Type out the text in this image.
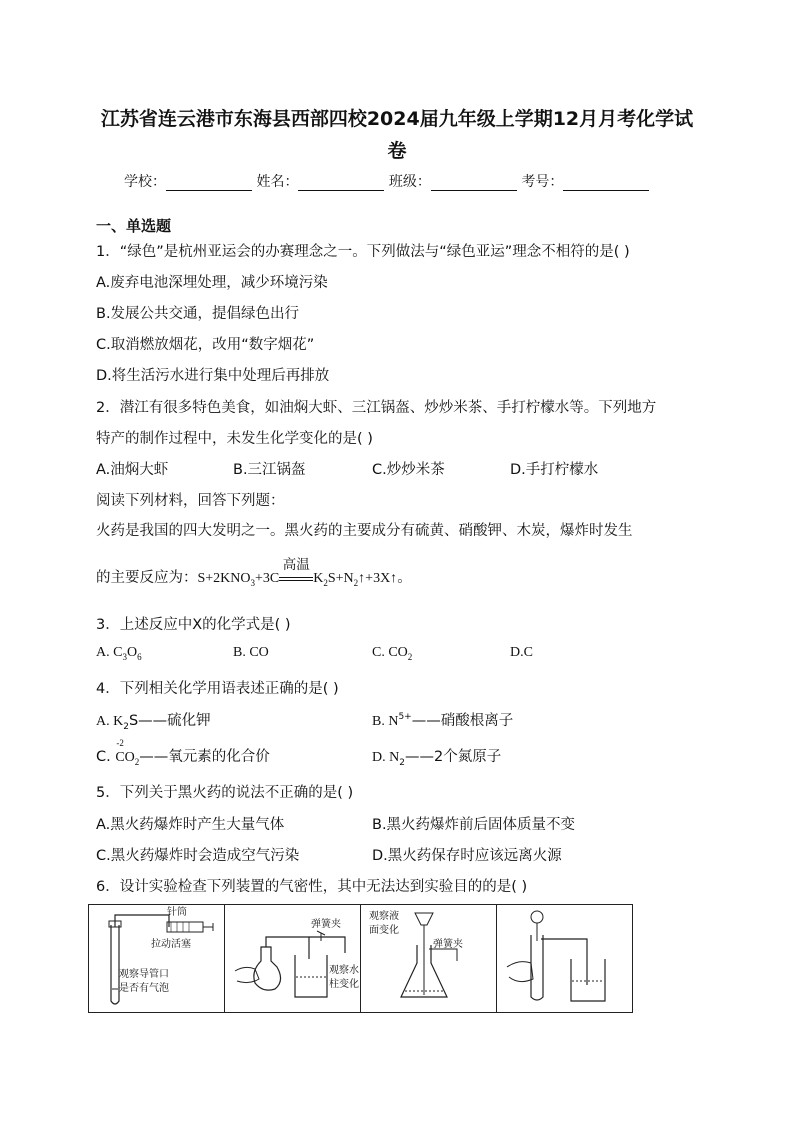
江苏省连云港市东海县西部四校2024届九年级上学期12月月考化学试
卷
学校：	姓名：	班级：	考号：
一、单选题
1．“绿色”是杭州亚运会的办赛理念之一。下列做法与“绿色亚运”理念不相符的是( )
A.废弃电池深埋处理，减少环境污染
B.发展公共交通，提倡绿色出行
C.取消燃放烟花，改用“数字烟花”
D.将生活污水进行集中处理后再排放
2．潜江有很多特色美食，如油焖大虾、三江锅盔、炒炒米茶、手打柠檬水等。下列地方
特产的制作过程中，未发生化学变化的是( )
A.油焖大虾	B.三江锅盔	C.炒炒米茶	D.手打柠檬水
阅读下列材料，回答下列题：
火药是我国的四大发明之一。黑火药的主要成分有硫黄、硝酸钾、木炭，爆炸时发生
的主要反应为：$S+2KNO_3+3C$
高温
$K_2S+N_2↑+3X↑$。
3．上述反应中X的化学式是( )
A. $C_3O_6$	B. CO	C. $CO_2$	D.C
4．下列相关化学用语表述正确的是( )
A. $K_2S——$硫化钾	B. $N^{5+}——$硝酸根离子
C.
-2
$CO_2——$氧元素的化合价	D. $N_2——2$个氮原子
5．下列关于黑火药的说法不正确的是( )
A.黑火药爆炸时产生大量气体	B.黑火药爆炸前后固体质量不变
C.黑火药爆炸时会造成空气污染	D.黑火药保存时应该远离火源
6．设计实验检查下列装置的气密性，其中无法达到实验目的的是( )
针筒
拉动活塞
观察导管口
是否有气泡
弹簧夹
观察水
柱变化
观察液
面变化
弹簧夹
